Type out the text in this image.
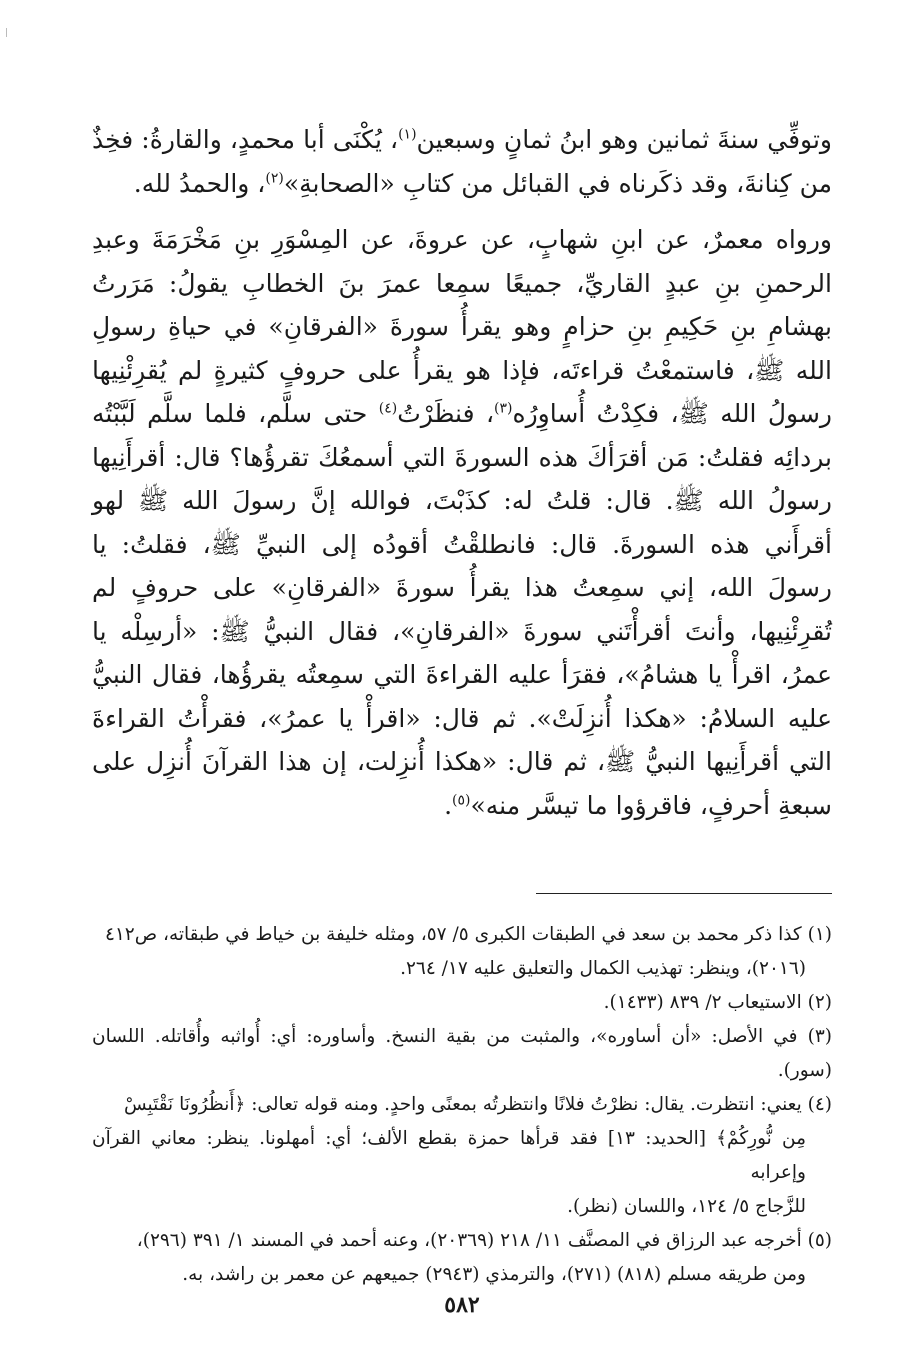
وتوفِّي سنةَ ثمانين وهو ابنُ ثمانٍ وسبعين$^{(١)}$، يُكْنَى أبا محمدٍ، والقارةُ: فخِذٌ من كِنانةَ، وقد ذكَرناه في القبائل من كتابِ «الصحابةِ»$^{(٢)}$، والحمدُ لله.

ورواه معمرٌ، عن ابنِ شهابٍ، عن عروةَ، عن المِسْوَرِ بنِ مَخْرَمَةَ وعبدِ الرحمنِ بنِ عبدٍ القاريِّ، جميعًا سمِعا عمرَ بنَ الخطابِ يقولُ: مَرَرتُ بهشامِ بنِ حَكِيمِ بنِ حزامٍ وهو يقرأُ سورةَ «الفرقانِ» في حياةِ رسولِ الله ﷺ، فاستمعْتُ قراءتَه، فإذا هو يقرأُ على حروفٍ كثيرةٍ لم يُقرِئْنِيها رسولُ الله ﷺ، فكِدْتُ أُساوِرُه$^{(٣)}$، فنظَرْتُ$^{(٤)}$ حتى سلَّم، فلما سلَّم لَبَّبْتُه بردائِه فقلتُ: مَن أقرَأكَ هذه السورةَ التي أسمعُكَ تقرؤُها؟ قال: أقرأَنِيها رسولُ الله ﷺ. قال: قلتُ له: كذَبْتَ، فوالله إنَّ رسولَ الله ﷺ لهو أقرأَني هذه السورةَ. قال: فانطلقْتُ أقودُه إلى النبيِّ ﷺ، فقلتُ: يا رسولَ الله، إني سمِعتُ هذا يقرأُ سورةَ «الفرقانِ» على حروفٍ لم تُقرِئْنِيها، وأنتَ أقرأْتَني سورةَ «الفرقانِ»، فقال النبيُّ ﷺ: «أرسِلْه يا عمرُ، اقرأْ يا هشامُ»، فقرَأ عليه القراءةَ التي سمِعتُه يقرؤُها، فقال النبيُّ عليه السلامُ: «هكذا أُنزِلَتْ». ثم قال: «اقرأْ يا عمرُ»، فقرأْتُ القراءةَ التي أقرأَنِيها النبيُّ ﷺ، ثم قال: «هكذا أُنزِلت، إن هذا القرآنَ أُنزِل على سبعةِ أحرفٍ، فاقرؤوا ما تيسَّر منه»$^{(٥)}$.

(١) كذا ذكر محمد بن سعد في الطبقات الكبرى ٥/ ٥٧، ومثله خليفة بن خياط في طبقاته، ص٤١٢
(٢٠١٦)، وينظر: تهذيب الكمال والتعليق عليه ١٧/ ٢٦٤.

(٢) الاستيعاب ٢/ ٨٣٩ (١٤٣٣).

(٣) في الأصل: «أن أساوره»، والمثبت من بقية النسخ. وأساوره: أي: أُواثبه وأُقاتله. اللسان (سور).

(٤) يعني: انتظرت. يقال: نظرْتُ فلانًا وانتظرتُه بمعنًى واحدٍ. ومنه قوله تعالى: ﴿أَنظُرُونَا نَقْتَبِسْ
مِن نُّورِكُمْ﴾ [الحديد: ١٣] فقد قرأها حمزة بقطع الألف؛ أي: أمهلونا. ينظر: معاني القرآن وإعرابه
للزَّجاج ٥/ ١٢٤، واللسان (نظر).

(٥) أخرجه عبد الرزاق في المصنَّف ١١/ ٢١٨ (٢٠٣٦٩)، وعنه أحمد في المسند ١/ ٣٩١ (٢٩٦)،
ومن طريقه مسلم (٨١٨) (٢٧١)، والترمذي (٢٩٤٣) جميعهم عن معمر بن راشد، به.

٥٨٢
